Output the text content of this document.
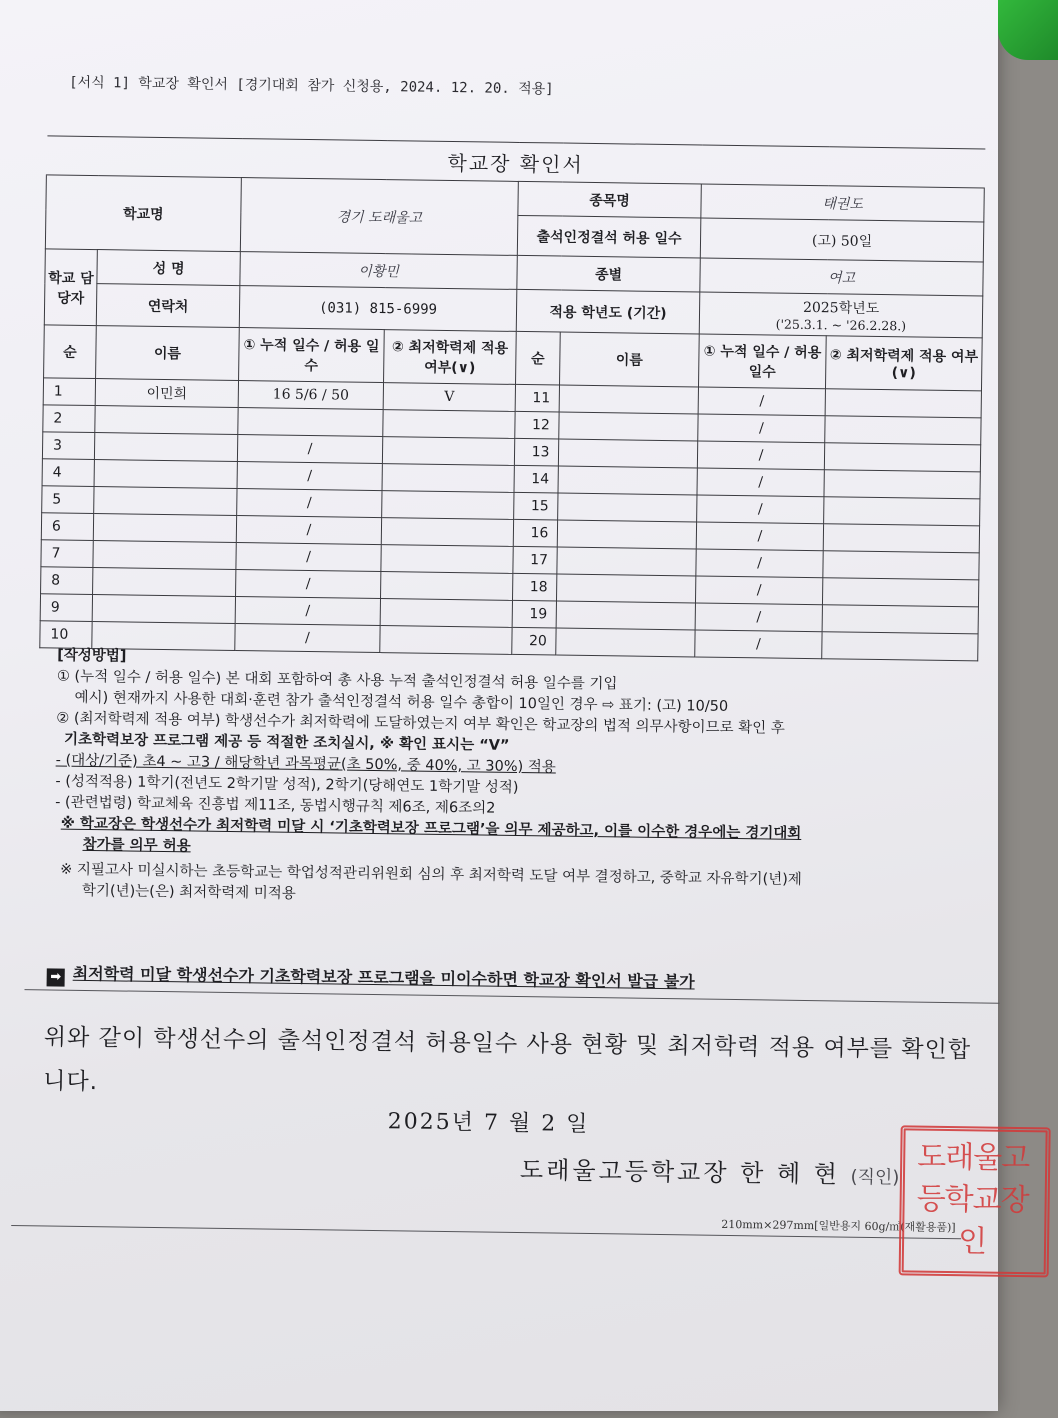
[서식 1] 학교장 확인서 [경기대회 참가 신청용, 2024. 12. 20. 적용]
학교장 확인서							
학교명		경기 도래울고		종목명		태권도	
				출석인정결석 허용 일수		(고) 50일	
학교 담당자	성 명	이황민		종별		여고	
	연락처	(031) 815-6999		적용 학년도 (기간)		2025학년도
('25.3.1. ~ '26.2.28.)	

순	이름	① 누적 일수 / 허용 일수	② 최저학력제 적용 여부(∨)	순	이름	① 누적 일수 / 허용 일수	② 최저학력제 적용 여부(∨)
1	이민희	16 5/6 / 50	V	11		/	
2				12		/	
3		/		13		/	
4		/		14		/	
5		/		15		/	
6		/		16		/	
7		/		17		/	
8		/		18		/	
9		/		19		/	
10		/		20		/	
[작성방법]
① (누적 일수 / 허용 일수) 본 대회 포함하여 총 사용 누적 출석인정결석 허용 일수를 기입
예시) 현재까지 사용한 대회·훈련 참가 출석인정결석 허용 일수 총합이 10일인 경우 ⇨ 표기: (고) 10/50
② (최저학력제 적용 여부) 학생선수가 최저학력에 도달하였는지 여부 확인은 학교장의 법적 의무사항이므로 확인 후
기초학력보장 프로그램 제공 등 적절한 조치실시, ※ 확인 표시는 “V”
- (대상/기준) 초4 ~ 고3 / 해당학년 과목평균(초 50%, 중 40%, 고 30%) 적용
- (성적적용) 1학기(전년도 2학기말 성적), 2학기(당해연도 1학기말 성적)
- (관련법령) 학교체육 진흥법 제11조, 동법시행규칙 제6조, 제6조의2
※ 학교장은 학생선수가 최저학력 미달 시 ‘기초학력보장 프로그램’을 의무 제공하고, 이를 이수한 경우에는 경기대회
참가를 의무 허용
※ 지필고사 미실시하는 초등학교는 학업성적관리위원회 심의 후 최저학력 도달 여부 결정하고, 중학교 자유학기(년)제
학기(년)는(은) 최저학력제 미적용
➡ 최저학력 미달 학생선수가 기초학력보장 프로그램을 미이수하면 학교장 확인서 발급 불가
위와 같이 학생선수의 출석인정결석 허용일수 사용 현황 및 최저학력 적용 여부를 확인합니다.
2025년 7 월 2 일
도래울고등학교장 한 혜 현 (직인)
210mm×297mm[일반용지 60g/㎡(재활용품)]
도래울고등학교장인
